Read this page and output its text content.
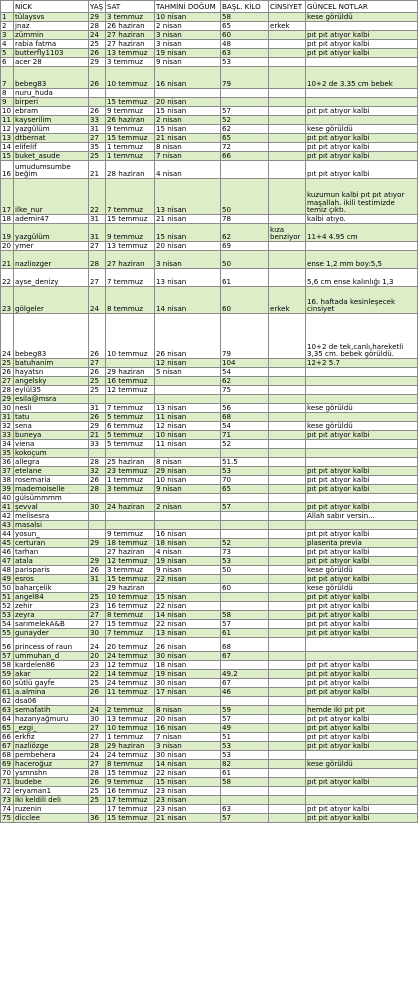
	NİCK	YAŞ	SAT	TAHMİNİ DOĞUM	BAŞL. KİLO	CİNSİYET	GÜNCEL NOTLAR
1	tülaysvs	29	3 temmuz	10 nisan	58		kese görüldü
2	jnaz	28	26 haziran	2 nisan	65	erkek	
3	zümmin	24	27 haziran	3 nisan	60		pıt pıt atıyor kalbi
4	rabia fatma	25	27 haziran	3 nisan	48		pıt pıt atıyor kalbi
5	butterfly1103	26	13 temmuz	19 nisan	63		pıt pıt atıyor kalbi
6	acer 28	29	3 temmuz	9 nisan	53		
7	bebeg83	26	10 temmuz	16 nisan	79		10+2 de 3.35 cm bebek
8	nuru_huda						
9	birperi		15 temmuz	20 nisan			
10	ebram	26	9 temmuz	15 nisan	57		pıt pıt atıyor kalbi
11	kayserilim	33	26 haziran	2 nisan	52		
12	yazgülüm	31	9 temmuz	15 nisan	62		kese görüldü
13	dtbernat	27	15 temmuz	21 nisan	65		pıt pıt atıyor kalbi
14	elifelif	35	1 temmuz	8 nisan	72		pıt pıt atıyor kalbi
15	buket_asude	25	1 temmuz	7 nisan	66		pıt pıt atıyor kalbi
16	umudumsumbe beğim	21	28 haziran	4 nisan			pıt pıt atıyor kalbi
17	ilke_nur	22	7 temmuz	13 nisan	50		kuzumun kalbi pıt pıt atıyor maşallah. ikili testimizde temiz çıktı.
18	ademir47	31	15 temmuz	21 nisan	78		kalbi atıyo.
19	yazgülüm	31	9 temmuz	15 nisan	62	kıza benziyor	11+4 4.95 cm
20	ymer	27	13 temmuz	20 nisan	69		
21	nazliozger	28	27 haziran	3 nisan	50		ense 1,2 mm boy:5,5
22	ayse_denizy	27	7 temmuz	13 nisan	61		5,6 cm ense kalınlığı 1,3
23	gölgeler	24	8 temmuz	14 nisan	60	erkek	16. haftada kesinleşecek cinsiyet
24	bebeg83	26	10 temmuz	26 nisan	79		10+2 de tek,canlı,hareketli 3,35 cm. bebek görüldü.
25	batuhanim	27		12 nisan	104		12+2 5.7
26	hayatsn	26	29 haziran	5 nisan	54		
27	angelsky	25	16 temmuz		62		
28	eylül35	25	12 temmuz		75		
29	esila@msra						
30	nesli	31	7 temmuz	13 nisan	56		kese görüldü
31	tatu	26	5 temmuz	11 nisan	68		
32	sena	29	6 temmuz	12 nisan	54		kese görüldü
33	buneya	21	5 temmuz	10 nisan	71		pıt pıt atıyor kalbi
34	viena	33	5 temmuz	11 nisan	52		
35	kokoçum						
36	allegra	28	25 haziran	8 nisan	51.5		
37	etelane	32	23 temmuz	29 nisan	53		pıt pıt atıyor kalbi
38	rosemaria	26	1 temmuz	10 nisan	70		pıt pıt atıyor kalbi
39	mademoiselle	28	3 temmuz	9 nisan	65		pıt pıt atıyor kalbi
40	gülsümmmm						
41	şevval	30	24 haziran	2 nisan	57		pıt pıt atıyor kalbi
42	melisesra						Allah sabır versin...
43	masalsi						
44	yosun_		9 temmuz	16 nisan			pıt pıt atıyor kalbi
45	certuran	29	18 temmuz	18 nisan	52		plasenta previa
46	tarhan		27 haziran	4 nisan	73		pıt pıt atıyor kalbi
47	atala	29	12 temmuz	19 nisan	53		pıt pıt atıyor kalbi
48	parisparis	26	3 temmuz	9 nisan	50		kese görüldü
49	esros	31	15 temmuz	22 nisan			pıt pıt atıyor kalbi
50	baharçelik		29 haziran		60		kese görüldü
51	angel84	25	10 temmuz	15 nisan			pıt pıt atıyor kalbi
52	zehir	23	16 temmuz	22 nisan			pıt pıt atıyor kalbi
53	zeyra	27	8 temmuz	14 nisan	58		pıt pıt atıyor kalbi
54	sarımelekA&B	27	15 temmuz	22 nisan	57		pıt pıt atıyor kalbi
55	gunayder	30	7 temmuz	13 nisan	61		pıt pıt atıyor kalbi
56	princess of raun	24	20 temmuz	26 nisan	68		
57	ummuhan_d	20	24 temmuz	30 nisan	67		
58	kardelen86	23	12 temmuz	18 nisan			pıt pıt atıyor kalbi
59	akar	22	14 temmuz	19 nisan	49.2		pıt pıt atıyor kalbi
60	sütlü gayfe	25	24 temmuz	30 nisan	67		pıt pıt atıyor kalbi
61	a.almina	26	11 temmuz	17 nisan	46		pıt pıt atıyor kalbi
62	dsa06						
63	semafatih	24	2 temmuz	8 nisan	59		hemde iki pıt pıt
64	hazanyağmuru	30	13 temmuz	20 nisan	57		pıt pıt atıyor kalbi
65	_ezgi_	27	10 temmuz	16 nisan	49		pıt pıt atıyor kalbi
66	erkfiz	27	1 temmuz	7 nisan	51		pıt pıt atıyor kalbi
67	nazliözge	28	29 haziran	3 nisan	53		pıt pıt atıyor kalbi
68	pembehera	24	24 temmuz	30 nisan	53		
69	haceroğuz	27	8 temmuz	14 nisan	82		kese görüldü
70	ysmnshn	28	15 temmuz	22 nisan	61		
71	budebe	26	9 temmuz	15 nisan	58		pıt pıt atıyor kalbi
72	eryaman1	25	16 temmuz	23 nisan			
73	iki keldili deli	25	17 temmuz	23 nisan			
74	ruzenin		17 temmuz	23 nisan	63		pıt pıt atıyor kalbi
75	dicclee	36	15 temmuz	21 nisan	57		pıt pıt atıyor kalbi
